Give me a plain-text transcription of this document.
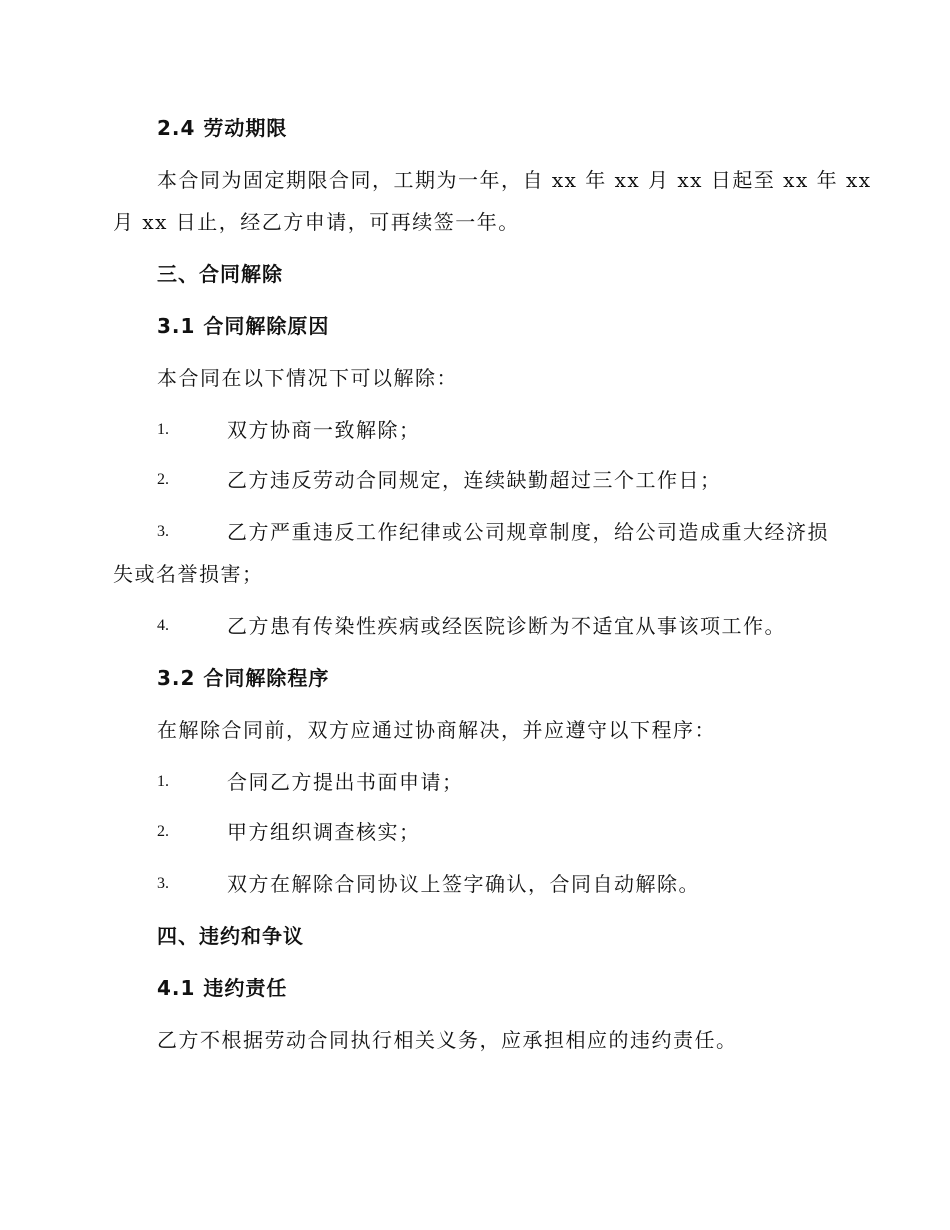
2.4 劳动期限
本合同为固定期限合同，工期为一年，自 xx 年 xx 月 xx 日起至 xx 年 xx
月 xx 日止，经乙方申请，可再续签一年。
三、合同解除
3.1 合同解除原因
本合同在以下情况下可以解除：
1.	双方协商一致解除；
2.	乙方违反劳动合同规定，连续缺勤超过三个工作日；
3.	乙方严重违反工作纪律或公司规章制度，给公司造成重大经济损
失或名誉损害；
4.	乙方患有传染性疾病或经医院诊断为不适宜从事该项工作。
3.2 合同解除程序
在解除合同前，双方应通过协商解决，并应遵守以下程序：
1.	合同乙方提出书面申请；
2.	甲方组织调查核实；
3.	双方在解除合同协议上签字确认，合同自动解除。
四、违约和争议
4.1 违约责任
乙方不根据劳动合同执行相关义务，应承担相应的违约责任。
